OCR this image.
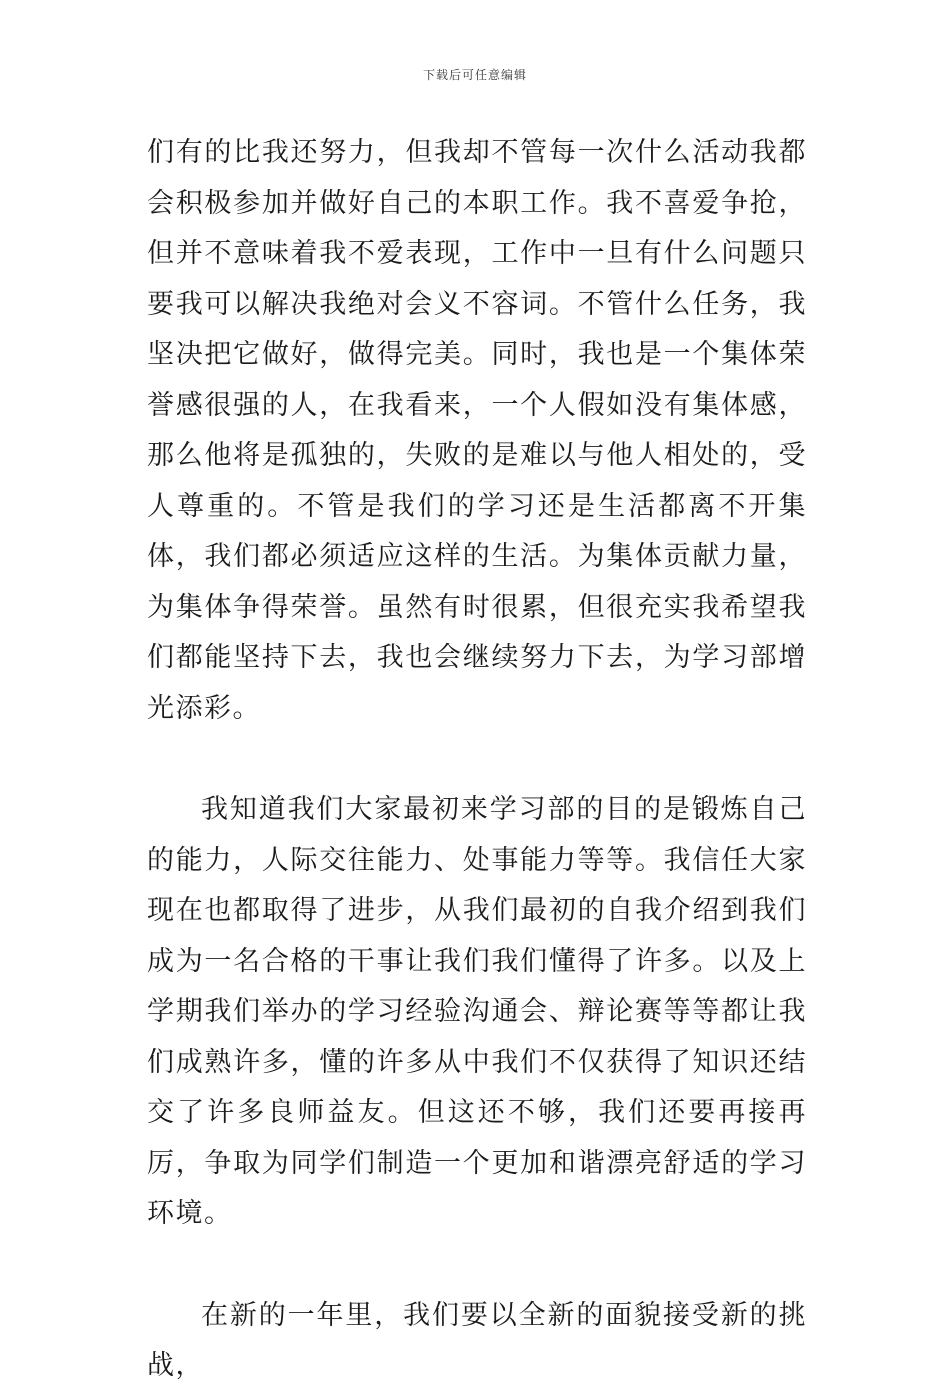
下载后可任意编辑

们有的比我还努力，但我却不管每一次什么活动我都会积极参加并做好自己的本职工作。我不喜爱争抢，但并不意味着我不爱表现，工作中一旦有什么问题只要我可以解决我绝对会义不容词。不管什么任务，我坚决把它做好，做得完美。同时，我也是一个集体荣誉感很强的人，在我看来，一个人假如没有集体感，那么他将是孤独的，失败的是难以与他人相处的，受人尊重的。不管是我们的学习还是生活都离不开集体，我们都必须适应这样的生活。为集体贡献力量，为集体争得荣誉。虽然有时很累，但很充实我希望我们都能坚持下去，我也会继续努力下去，为学习部增光添彩。

我知道我们大家最初来学习部的目的是锻炼自己的能力，人际交往能力、处事能力等等。我信任大家现在也都取得了进步，从我们最初的自我介绍到我们成为一名合格的干事让我们我们懂得了许多。以及上学期我们举办的学习经验沟通会、辩论赛等等都让我们成熟许多，懂的许多从中我们不仅获得了知识还结交了许多良师益友。但这还不够，我们还要再接再厉，争取为同学们制造一个更加和谐漂亮舒适的学习环境。

在新的一年里，我们要以全新的面貌接受新的挑战，
